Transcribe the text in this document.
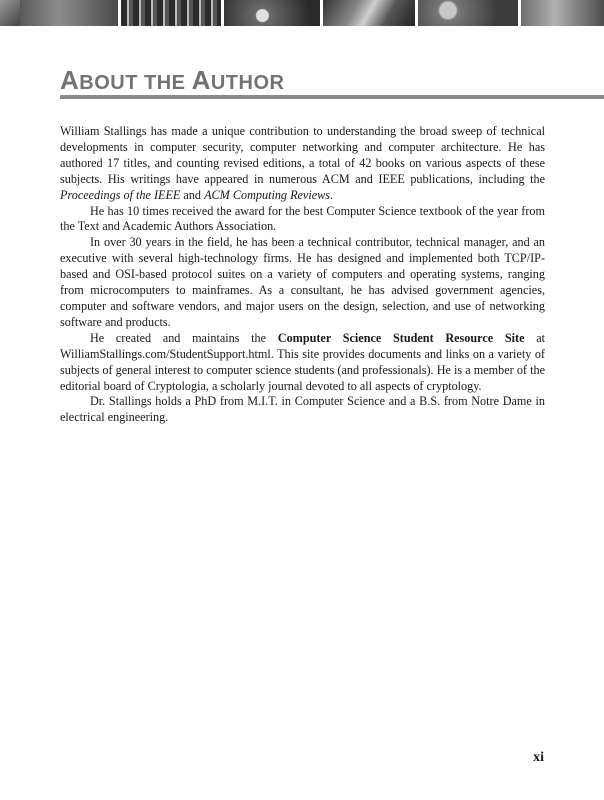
ABOUT THE AUTHOR

William Stallings has made a unique contribution to understanding the broad sweep of technical developments in computer security, computer networking and computer architecture. He has authored 17 titles, and counting revised editions, a total of 42 books on various aspects of these subjects. His writings have appeared in numerous ACM and IEEE publications, including the Proceedings of the IEEE and ACM Computing Reviews.

He has 10 times received the award for the best Computer Science textbook of the year from the Text and Academic Authors Association.

In over 30 years in the field, he has been a technical contributor, technical manager, and an executive with several high-technology firms. He has designed and implemented both TCP/IP-based and OSI-based protocol suites on a variety of computers and operating systems, ranging from microcomputers to mainframes. As a consultant, he has advised government agencies, computer and software vendors, and major users on the design, selection, and use of networking software and products.

He created and maintains the Computer Science Student Resource Site at WilliamStallings.com/StudentSupport.html. This site provides documents and links on a variety of subjects of general interest to computer science students (and professionals). He is a member of the editorial board of Cryptologia, a scholarly journal devoted to all aspects of cryptology.

Dr. Stallings holds a PhD from M.I.T. in Computer Science and a B.S. from Notre Dame in electrical engineering.

xi
